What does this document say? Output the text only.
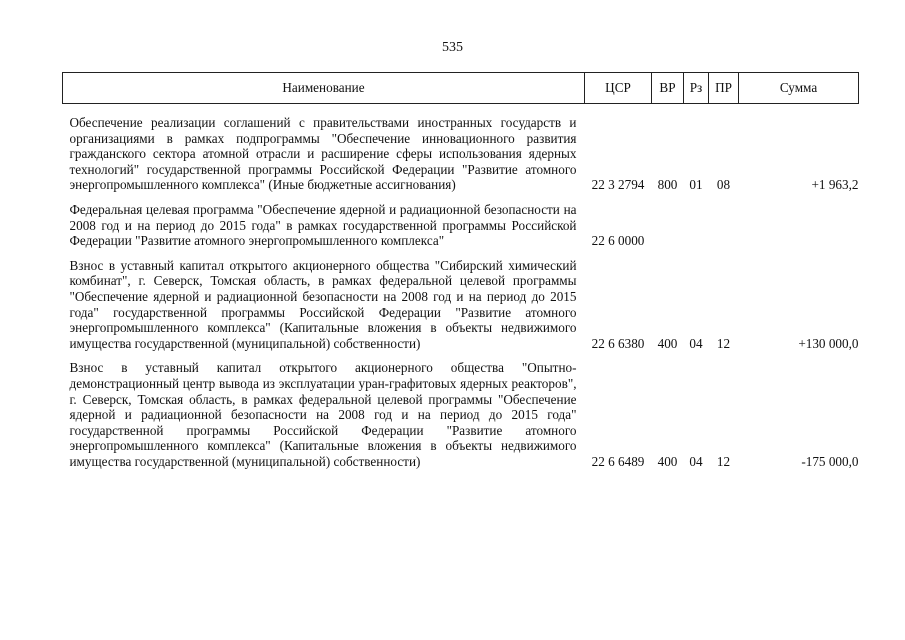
535
Наименование	ЦСР	ВР	Рз	ПР	Сумма
Обеспечение реализации соглашений с правительствами иностранных государств и организациями в рамках подпрограммы "Обеспечение инновационного развития гражданского сектора атомной отрасли и расширение сферы использования ядерных технологий" государственной программы Российской Федерации "Развитие атомного энергопромышленного комплекса" (Иные бюджетные ассигнования)	22 3 2794	800	01	08	+1 963,2
Федеральная целевая программа "Обеспечение ядерной и радиационной безопасности на 2008 год и на период до 2015 года" в рамках государственной программы Российской Федерации "Развитие атомного энергопромышленного комплекса"	22 6 0000				
Взнос в уставный капитал открытого акционерного общества "Сибирский химический комбинат", г. Северск, Томская область, в рамках федеральной целевой программы "Обеспечение ядерной и радиационной безопасности на 2008 год и на период до 2015 года" государственной программы Российской Федерации "Развитие атомного энергопромышленного комплекса" (Капитальные вложения в объекты недвижимого имущества государственной (муниципальной) собственности)	22 6 6380	400	04	12	+130 000,0
Взнос в уставный капитал открытого акционерного общества "Опытно-демонстрационный центр вывода из эксплуатации уран-графитовых ядерных реакторов", г. Северск, Томская область, в рамках федеральной целевой программы "Обеспечение ядерной и радиационной безопасности на 2008 год и на период до 2015 года" государственной программы Российской Федерации "Развитие атомного энергопромышленного комплекса" (Капитальные вложения в объекты недвижимого имущества государственной (муниципальной) собственности)	22 6 6489	400	04	12	-175 000,0
